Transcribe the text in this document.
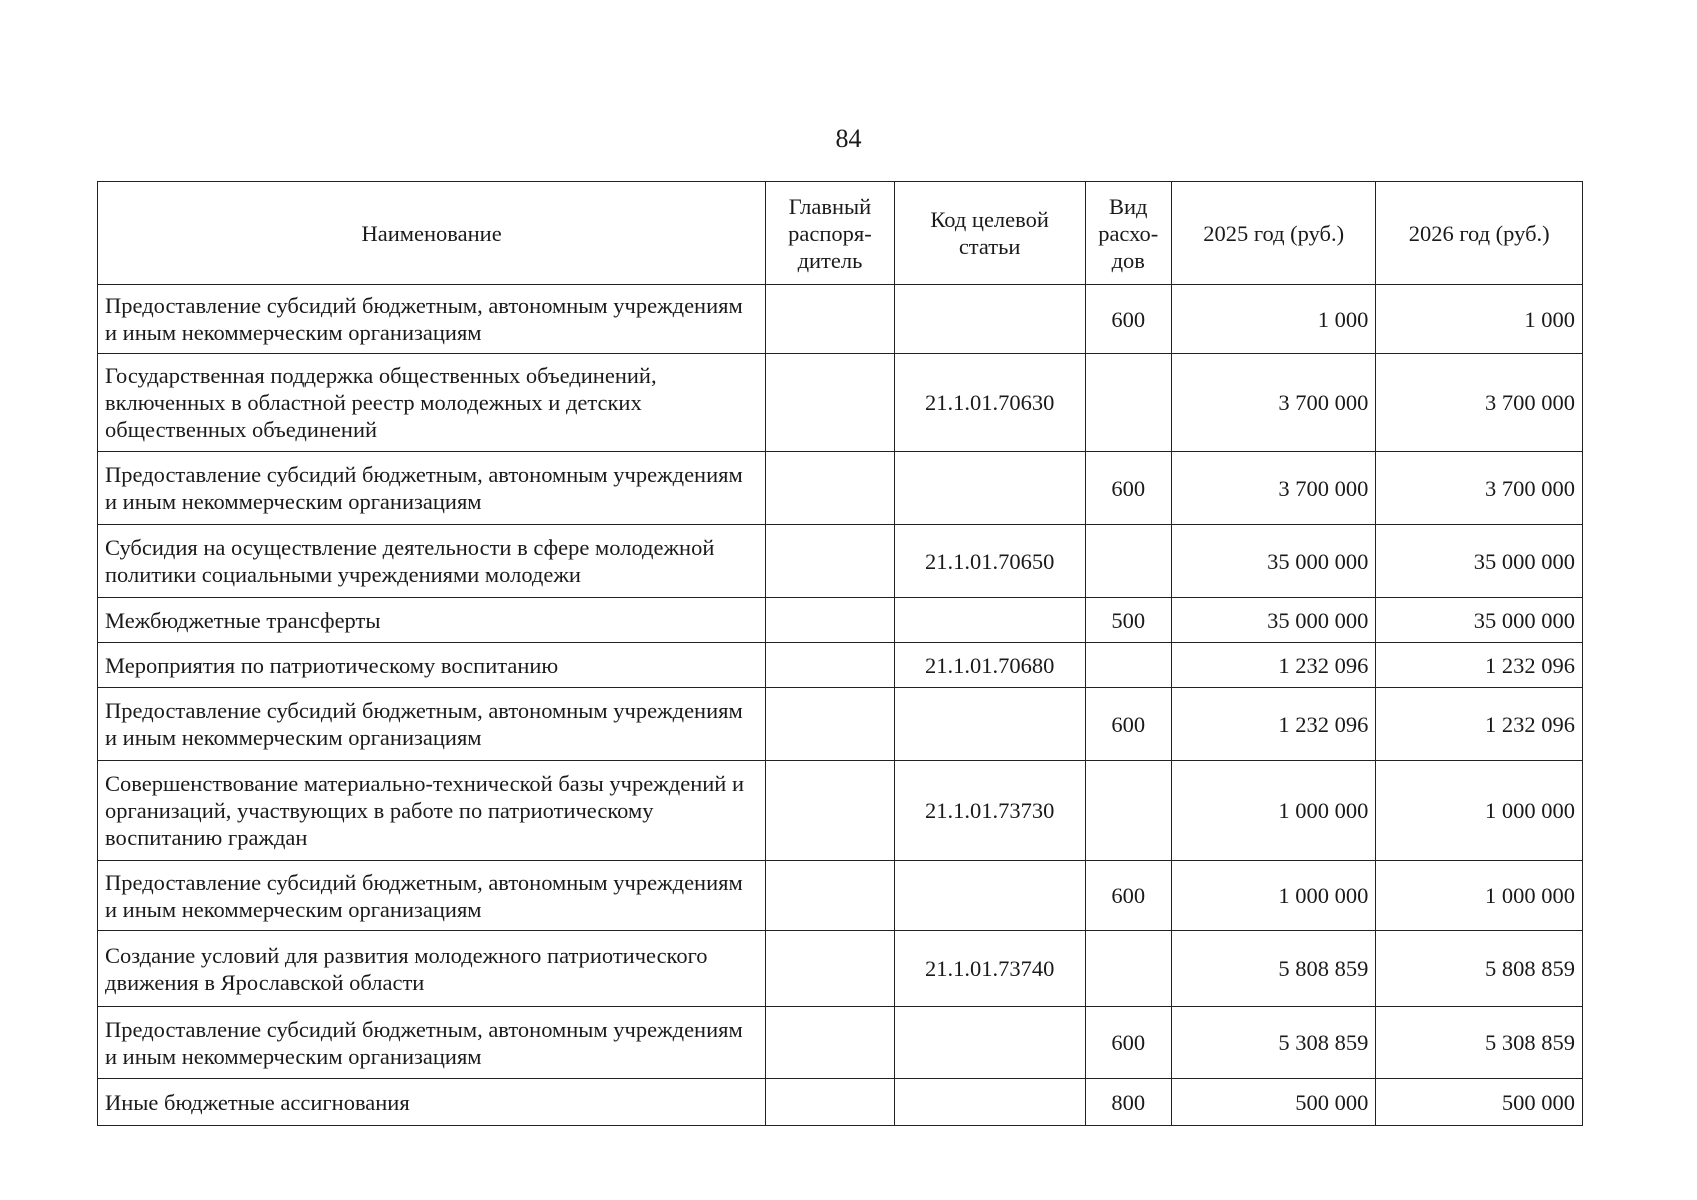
84
Наименование	Главный распоря-дитель	Код целевой статьи	Вид расхо-дов	2025 год (руб.)	2026 год (руб.)
Предоставление субсидий бюджетным, автономным учреждениям и иным некоммерческим организациям			600	1 000	1 000
Государственная поддержка общественных объединений, включенных в областной реестр молодежных и детских общественных объединений		21.1.01.70630		3 700 000	3 700 000
Предоставление субсидий бюджетным, автономным учреждениям и иным некоммерческим организациям			600	3 700 000	3 700 000
Субсидия на осуществление деятельности в сфере молодежной политики социальными учреждениями молодежи		21.1.01.70650		35 000 000	35 000 000
Межбюджетные трансферты			500	35 000 000	35 000 000
Мероприятия по патриотическому воспитанию		21.1.01.70680		1 232 096	1 232 096
Предоставление субсидий бюджетным, автономным учреждениям и иным некоммерческим организациям			600	1 232 096	1 232 096
Совершенствование материально-технической базы учреждений и организаций, участвующих в работе по патриотическому воспитанию граждан		21.1.01.73730		1 000 000	1 000 000
Предоставление субсидий бюджетным, автономным учреждениям и иным некоммерческим организациям			600	1 000 000	1 000 000
Создание условий для развития молодежного патриотического движения в Ярославской области		21.1.01.73740		5 808 859	5 808 859
Предоставление субсидий бюджетным, автономным учреждениям и иным некоммерческим организациям			600	5 308 859	5 308 859
Иные бюджетные ассигнования			800	500 000	500 000
